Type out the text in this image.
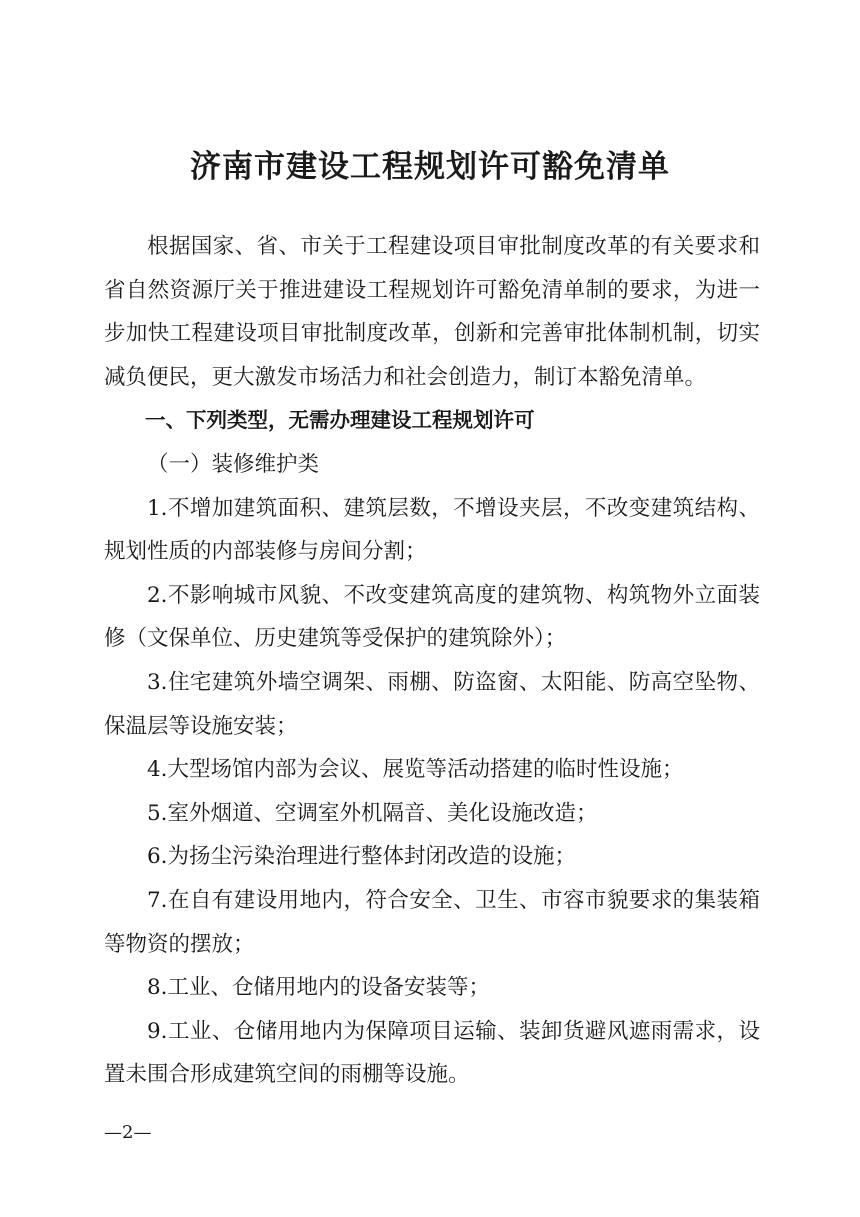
济南市建设工程规划许可豁免清单

根据国家、省、市关于工程建设项目审批制度改革的有关要求和省自然资源厅关于推进建设工程规划许可豁免清单制的要求，为进一步加快工程建设项目审批制度改革，创新和完善审批体制机制，切实减负便民，更大激发市场活力和社会创造力，制订本豁免清单。

一、下列类型，无需办理建设工程规划许可

（一）装修维护类

1.不增加建筑面积、建筑层数，不增设夹层，不改变建筑结构、规划性质的内部装修与房间分割；

2.不影响城市风貌、不改变建筑高度的建筑物、构筑物外立面装修（文保单位、历史建筑等受保护的建筑除外）；

3.住宅建筑外墙空调架、雨棚、防盗窗、太阳能、防高空坠物、保温层等设施安装；

4.大型场馆内部为会议、展览等活动搭建的临时性设施；

5.室外烟道、空调室外机隔音、美化设施改造；

6.为扬尘污染治理进行整体封闭改造的设施；

7.在自有建设用地内，符合安全、卫生、市容市貌要求的集装箱等物资的摆放；

8.工业、仓储用地内的设备安装等；

9.工业、仓储用地内为保障项目运输、装卸货避风遮雨需求，设置未围合形成建筑空间的雨棚等设施。

—2—
